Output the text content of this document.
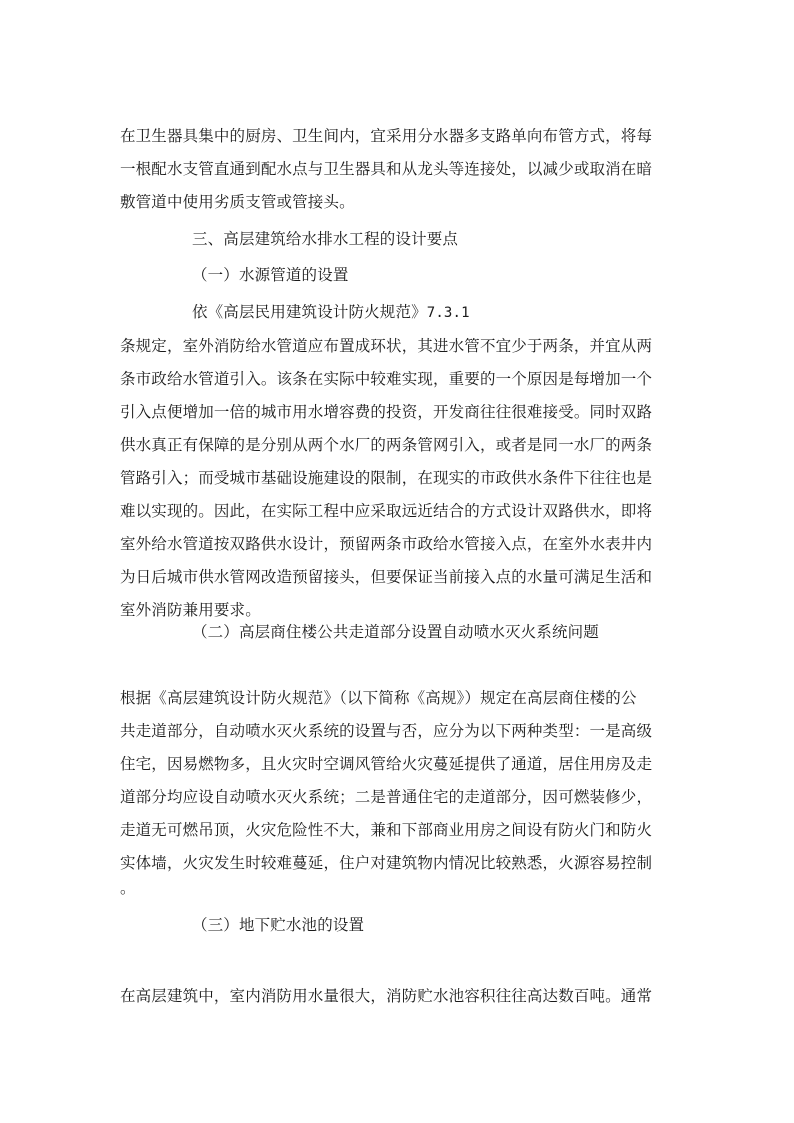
在卫生器具集中的厨房、卫生间内，宜采用分水器多支路单向布管方式，将每
一根配水支管直通到配水点与卫生器具和从龙头等连接处，以减少或取消在暗
敷管道中使用劣质支管或管接头。
三、高层建筑给水排水工程的设计要点
（一）水源管道的设置
依《高层民用建筑设计防火规范》7.3.1
条规定，室外消防给水管道应布置成环状，其进水管不宜少于两条，并宜从两
条市政给水管道引入。该条在实际中较难实现，重要的一个原因是每增加一个
引入点便增加一倍的城市用水增容费的投资，开发商往往很难接受。同时双路
供水真正有保障的是分别从两个水厂的两条管网引入，或者是同一水厂的两条
管路引入；而受城市基础设施建设的限制，在现实的市政供水条件下往往也是
难以实现的。因此，在实际工程中应采取远近结合的方式设计双路供水，即将
室外给水管道按双路供水设计，预留两条市政给水管接入点，在室外水表井内
为日后城市供水管网改造预留接头，但要保证当前接入点的水量可满足生活和
室外消防兼用要求。
（二）高层商住楼公共走道部分设置自动喷水灭火系统问题
根据《高层建筑设计防火规范》（以下简称《高规》）规定在高层商住楼的公
共走道部分，自动喷水灭火系统的设置与否，应分为以下两种类型：一是高级
住宅，因易燃物多，且火灾时空调风管给火灾蔓延提供了通道，居住用房及走
道部分均应设自动喷水灭火系统；二是普通住宅的走道部分，因可燃装修少，
走道无可燃吊顶，火灾危险性不大，兼和下部商业用房之间设有防火门和防火
实体墙，火灾发生时较难蔓延，住户对建筑物内情况比较熟悉，火源容易控制
。
（三）地下贮水池的设置
在高层建筑中，室内消防用水量很大，消防贮水池容积往往高达数百吨。通常
